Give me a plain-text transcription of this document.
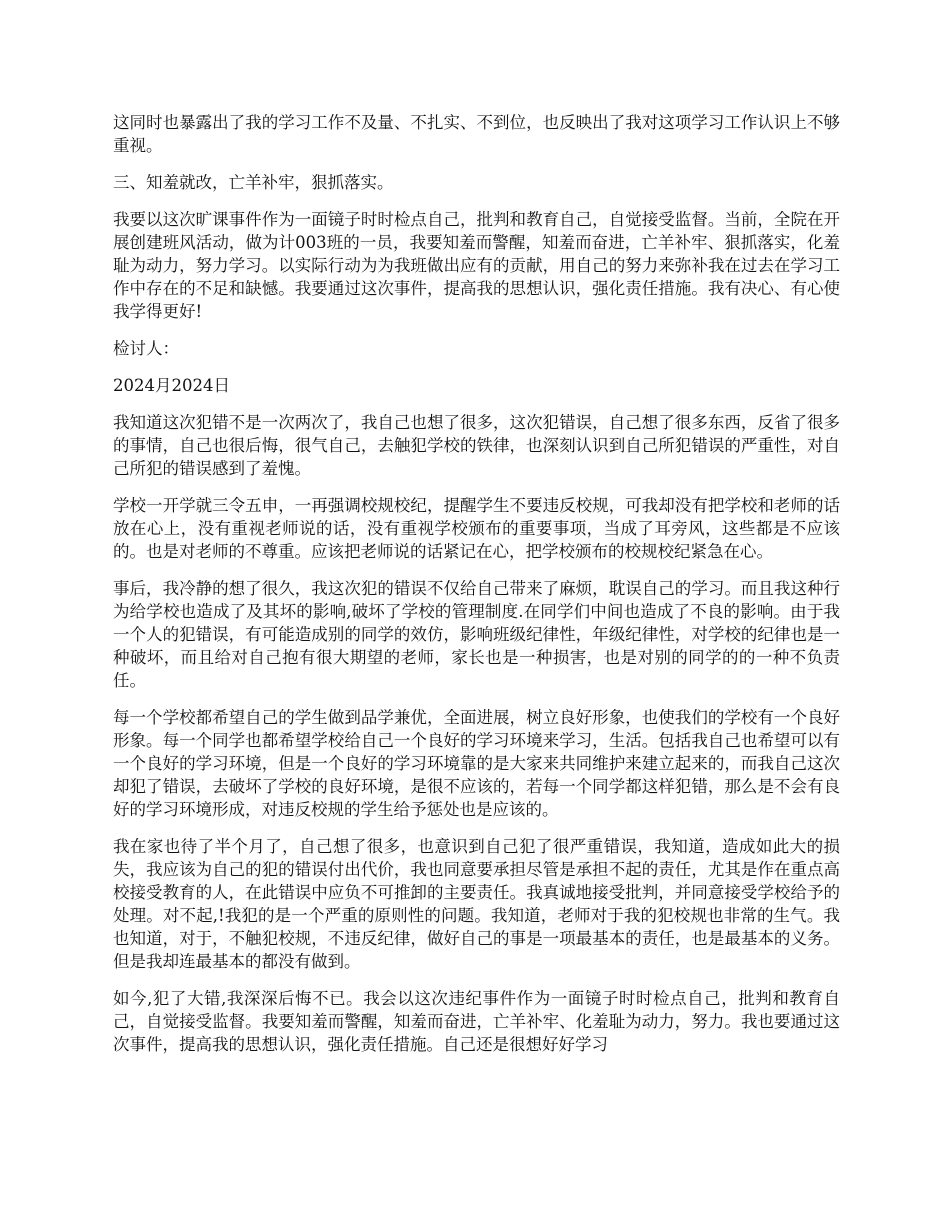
这同时也暴露出了我的学习工作不及量、不扎实、不到位，也反映出了我对这项学习工作认识上不够重视。

三、知羞就改，亡羊补牢，狠抓落实。

我要以这次旷课事件作为一面镜子时时检点自己，批判和教育自己，自觉接受监督。当前，全院在开展创建班风活动，做为计003班的一员，我要知羞而警醒，知羞而奋进，亡羊补牢、狠抓落实，化羞耻为动力，努力学习。以实际行动为为我班做出应有的贡献，用自己的努力来弥补我在过去在学习工作中存在的不足和缺憾。我要通过这次事件，提高我的思想认识，强化责任措施。我有决心、有心使我学得更好!

检讨人：

2024月2024日

我知道这次犯错不是一次两次了，我自己也想了很多，这次犯错误，自己想了很多东西，反省了很多的事情，自己也很后悔，很气自己，去触犯学校的铁律，也深刻认识到自己所犯错误的严重性，对自己所犯的错误感到了羞愧。

学校一开学就三令五申，一再强调校规校纪，提醒学生不要违反校规，可我却没有把学校和老师的话放在心上，没有重视老师说的话，没有重视学校颁布的重要事项，当成了耳旁风，这些都是不应该的。也是对老师的不尊重。应该把老师说的话紧记在心，把学校颁布的校规校纪紧急在心。

事后，我冷静的想了很久，我这次犯的错误不仅给自己带来了麻烦，耽误自己的学习。而且我这种行为给学校也造成了及其坏的影响,破坏了学校的管理制度.在同学们中间也造成了不良的影响。由于我一个人的犯错误，有可能造成别的同学的效仿，影响班级纪律性，年级纪律性，对学校的纪律也是一种破坏，而且给对自己抱有很大期望的老师，家长也是一种损害，也是对别的同学的的一种不负责任。

每一个学校都希望自己的学生做到品学兼优，全面进展，树立良好形象，也使我们的学校有一个良好形象。每一个同学也都希望学校给自己一个良好的学习环境来学习，生活。包括我自己也希望可以有一个良好的学习环境，但是一个良好的学习环境靠的是大家来共同维护来建立起来的，而我自己这次却犯了错误，去破坏了学校的良好环境，是很不应该的，若每一个同学都这样犯错，那么是不会有良好的学习环境形成，对违反校规的学生给予惩处也是应该的。

我在家也待了半个月了，自己想了很多，也意识到自己犯了很严重错误，我知道，造成如此大的损失，我应该为自己的犯的错误付出代价，我也同意要承担尽管是承担不起的责任，尤其是作在重点高校接受教育的人，在此错误中应负不可推卸的主要责任。我真诚地接受批判，并同意接受学校给予的处理。对不起,!我犯的是一个严重的原则性的问题。我知道，老师对于我的犯校规也非常的生气。我也知道，对于，不触犯校规，不违反纪律，做好自己的事是一项最基本的责任，也是最基本的义务。但是我却连最基本的都没有做到。

如今,犯了大错,我深深后悔不已。我会以这次违纪事件作为一面镜子时时检点自己，批判和教育自己，自觉接受监督。我要知羞而警醒，知羞而奋进，亡羊补牢、化羞耻为动力，努力。我也要通过这次事件，提高我的思想认识，强化责任措施。自己还是很想好好学习
